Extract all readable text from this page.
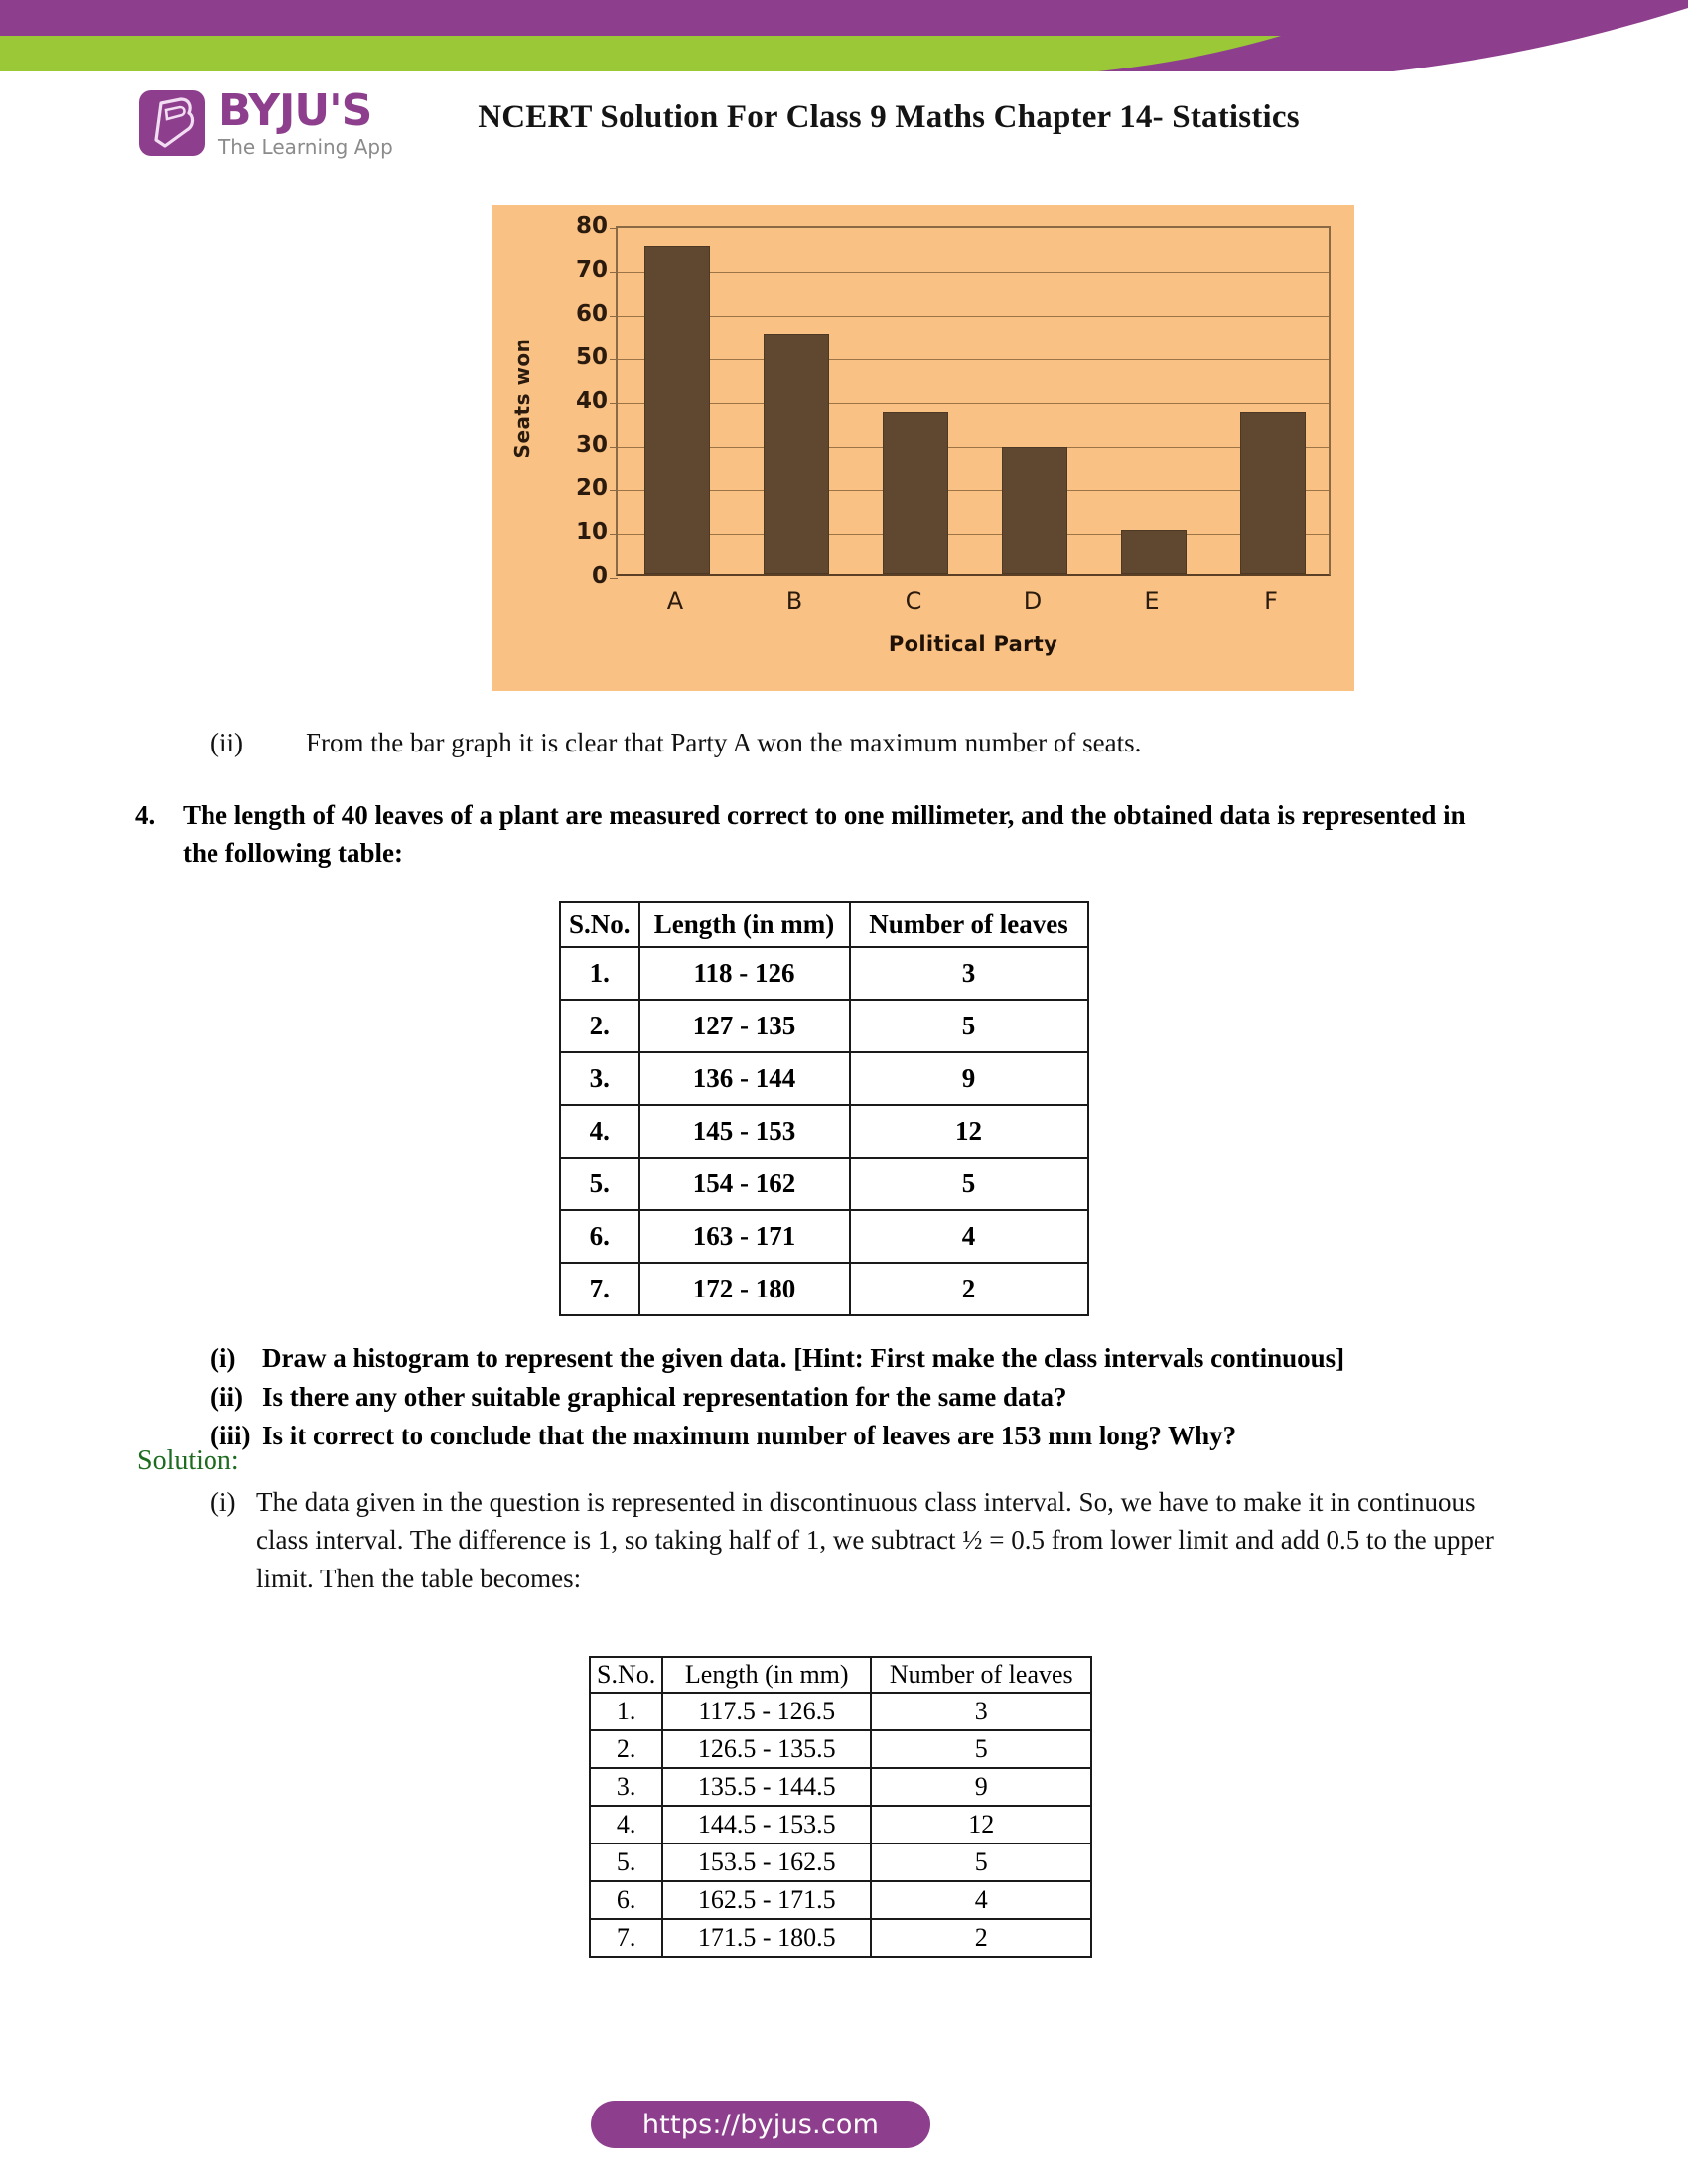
BYJU'S
The Learning App
NCERT Solution For Class 9 Maths Chapter 14- Statistics
Seats won
0
10
20
30
40
50
60
70
80
A	B	C	D	E	F
Political Party
(ii) From the bar graph it is clear that Party A won the maximum number of seats.
4.	The length of 40 leaves of a plant are measured correct to one millimeter, and the obtained data is represented in the following table:
S.No.	Length (in mm)	Number of leaves
1.	118 - 126	3
2.	127 - 135	5
3.	136 - 144	9
4.	145 - 153	12
5.	154 - 162	5
6.	163 - 171	4
7.	172 - 180	2
(i) Draw a histogram to represent the given data. [Hint: First make the class intervals continuous]
(ii) Is there any other suitable graphical representation for the same data?
(iii) Is it correct to conclude that the maximum number of leaves are 153 mm long? Why?
Solution:
(i) The data given in the question is represented in discontinuous class interval. So, we have to make it in continuous class interval. The difference is 1, so taking half of 1, we subtract ½ = 0.5 from lower limit and add 0.5 to the upper limit. Then the table becomes:
S.No.	Length (in mm)	Number of leaves
1.	117.5 - 126.5	3
2.	126.5 - 135.5	5
3.	135.5 - 144.5	9
4.	144.5 - 153.5	12
5.	153.5 - 162.5	5
6.	162.5 - 171.5	4
7.	171.5 - 180.5	2
https://byjus.com
